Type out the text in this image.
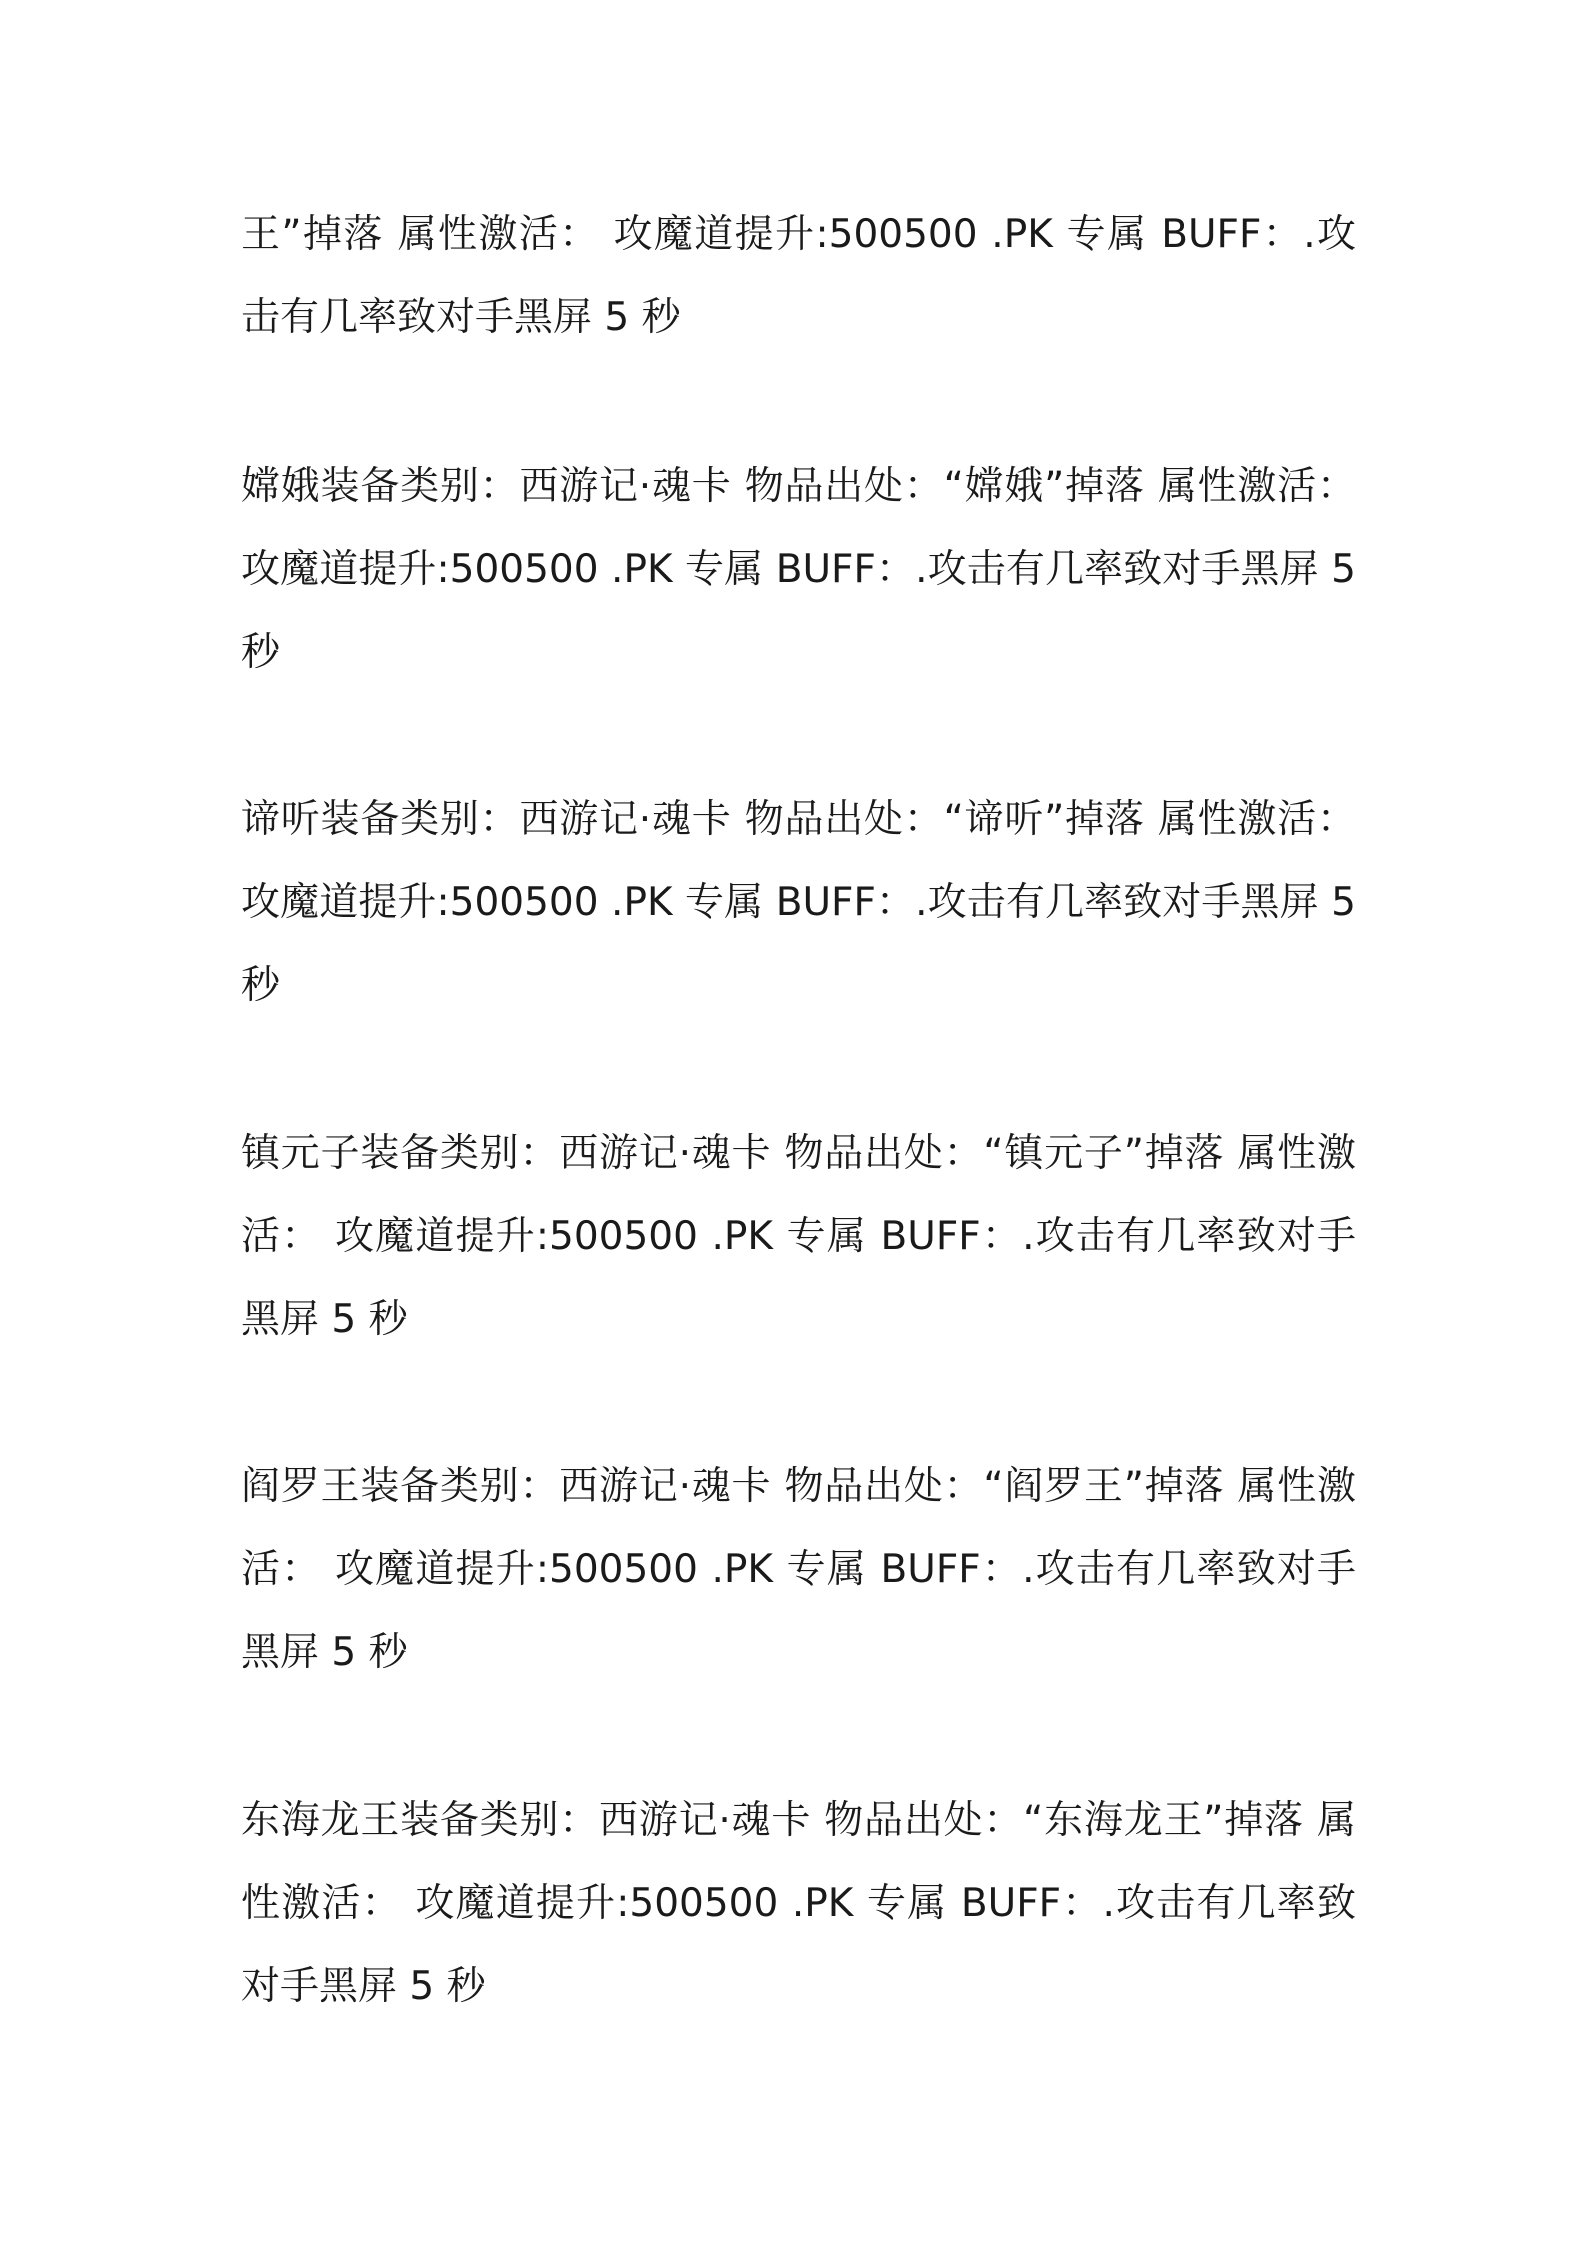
王”掉落 属性激活： 攻魔道提升:500500 .PK 专属 BUFF：.攻击有几率致对手黑屏 5 秒

嫦娥装备类别：西游记·魂卡 物品出处：“嫦娥”掉落 属性激活： 攻魔道提升:500500 .PK 专属 BUFF：.攻击有几率致对手黑屏 5 秒

谛听装备类别：西游记·魂卡 物品出处：“谛听”掉落 属性激活： 攻魔道提升:500500 .PK 专属 BUFF：.攻击有几率致对手黑屏 5 秒

镇元子装备类别：西游记·魂卡 物品出处：“镇元子”掉落 属性激活： 攻魔道提升:500500 .PK 专属 BUFF：.攻击有几率致对手黑屏 5 秒

阎罗王装备类别：西游记·魂卡 物品出处：“阎罗王”掉落 属性激活： 攻魔道提升:500500 .PK 专属 BUFF：.攻击有几率致对手黑屏 5 秒

东海龙王装备类别：西游记·魂卡 物品出处：“东海龙王”掉落 属性激活： 攻魔道提升:500500 .PK 专属 BUFF：.攻击有几率致对手黑屏 5 秒
